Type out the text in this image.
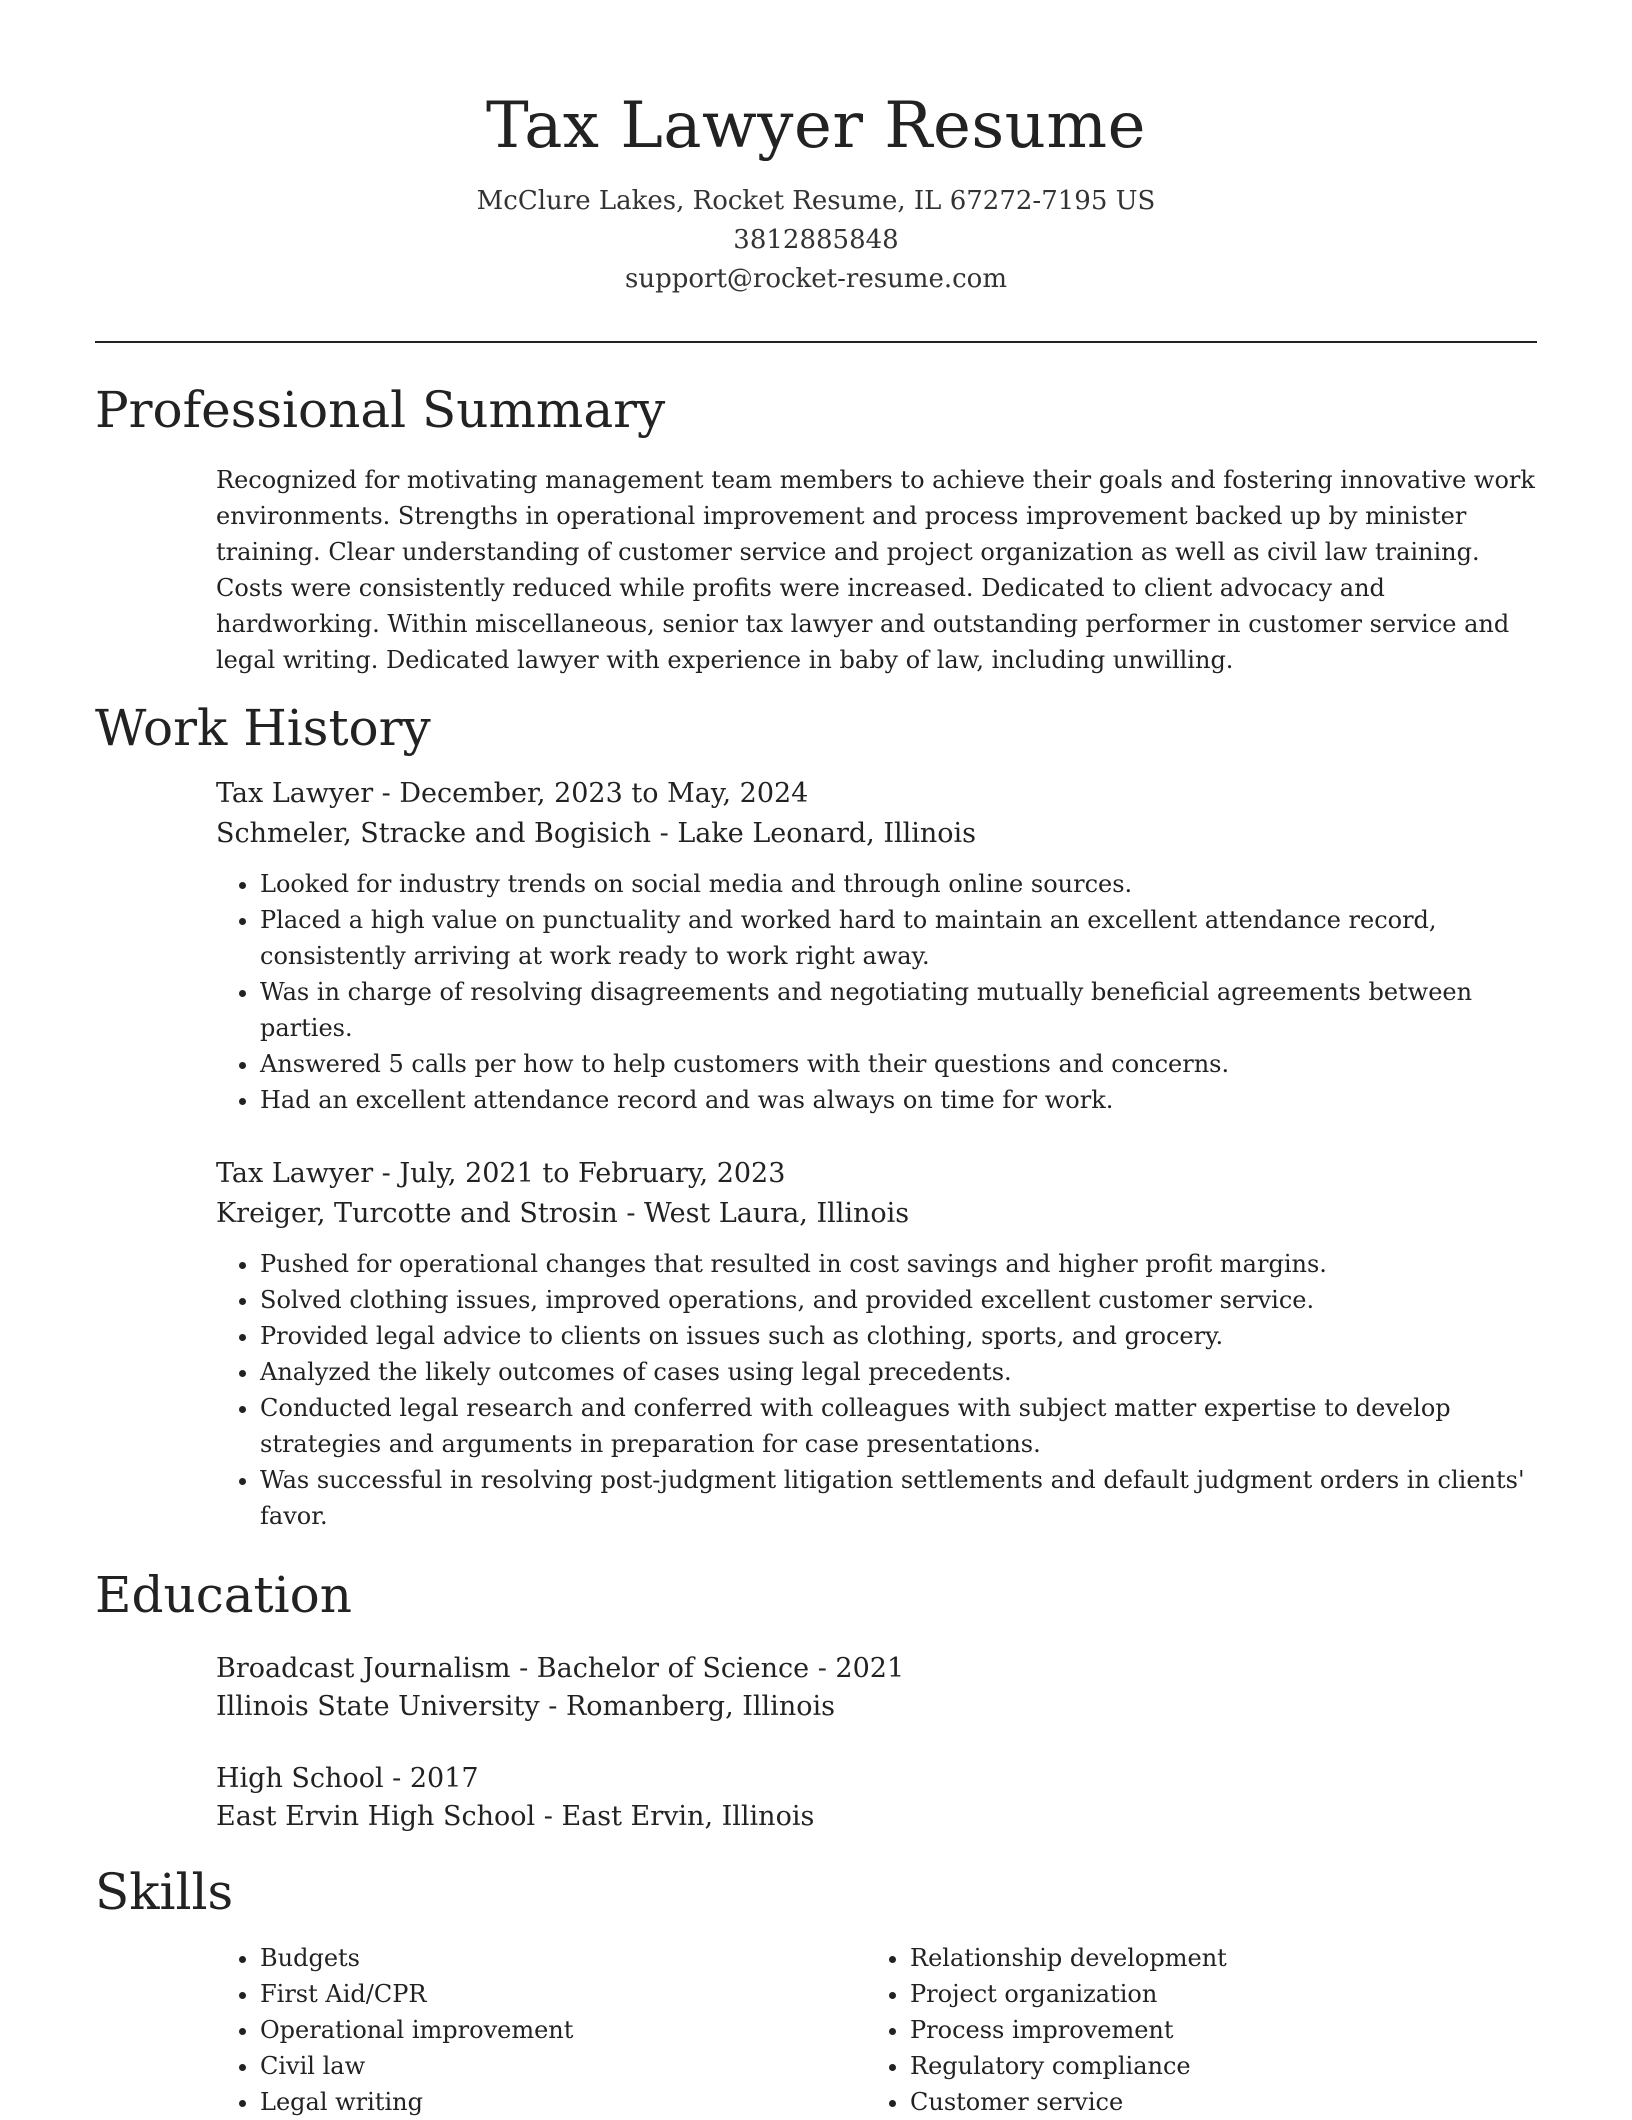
Tax Lawyer Resume
McClure Lakes, Rocket Resume, IL 67272-7195 US
3812885848
support@rocket-resume.com
Professional Summary

Recognized for motivating management team members to achieve their goals and fostering innovative work environments. Strengths in operational improvement and process improvement backed up by minister training. Clear understanding of customer service and project organization as well as civil law training. Costs were consistently reduced while profits were increased. Dedicated to client advocacy and hardworking. Within miscellaneous, senior tax lawyer and outstanding performer in customer service and legal writing. Dedicated lawyer with experience in baby of law, including unwilling.

Work History
Tax Lawyer - December, 2023 to May, 2024
Schmeler, Stracke and Bogisich - Lake Leonard, Illinois
• Looked for industry trends on social media and through online sources.
• Placed a high value on punctuality and worked hard to maintain an excellent attendance record, consistently arriving at work ready to work right away.
• Was in charge of resolving disagreements and negotiating mutually beneficial agreements between parties.
• Answered 5 calls per how to help customers with their questions and concerns.
• Had an excellent attendance record and was always on time for work.
Tax Lawyer - July, 2021 to February, 2023
Kreiger, Turcotte and Strosin - West Laura, Illinois
• Pushed for operational changes that resulted in cost savings and higher profit margins.
• Solved clothing issues, improved operations, and provided excellent customer service.
• Provided legal advice to clients on issues such as clothing, sports, and grocery.
• Analyzed the likely outcomes of cases using legal precedents.
• Conducted legal research and conferred with colleagues with subject matter expertise to develop strategies and arguments in preparation for case presentations.
• Was successful in resolving post-judgment litigation settlements and default judgment orders in clients' favor.
Education
Broadcast Journalism - Bachelor of Science - 2021
Illinois State University - Romanberg, Illinois
High School - 2017
East Ervin High School - East Ervin, Illinois
Skills
• Budgets
• First Aid/CPR
• Operational improvement
• Civil law
• Legal writing
• Relationship development
• Project organization
• Process improvement
• Regulatory compliance
• Customer service
